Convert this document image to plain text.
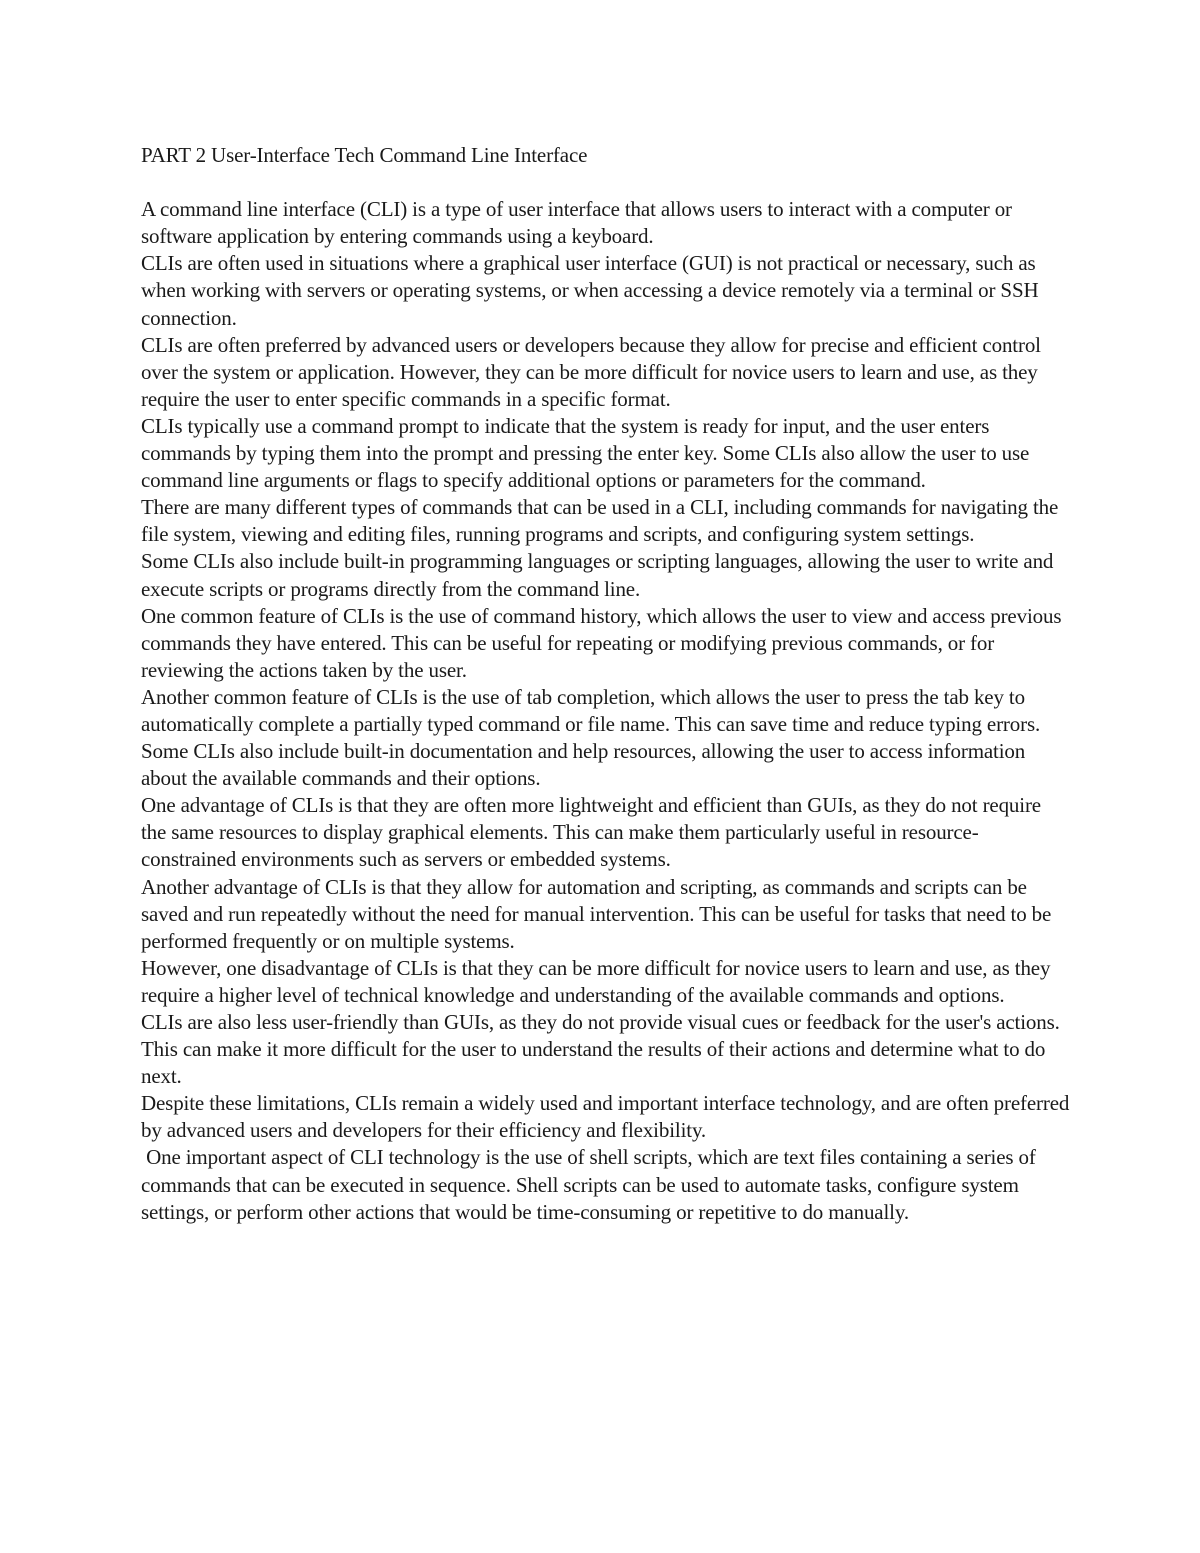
PART 2 User-Interface Tech Command Line Interface

A command line interface (CLI) is a type of user interface that allows users to interact with a computer or software application by entering commands using a keyboard.

CLIs are often used in situations where a graphical user interface (GUI) is not practical or necessary, such as when working with servers or operating systems, or when accessing a device remotely via a terminal or SSH connection.

CLIs are often preferred by advanced users or developers because they allow for precise and efficient control over the system or application. However, they can be more difficult for novice users to learn and use, as they require the user to enter specific commands in a specific format.

CLIs typically use a command prompt to indicate that the system is ready for input, and the user enters commands by typing them into the prompt and pressing the enter key. Some CLIs also allow the user to use command line arguments or flags to specify additional options or parameters for the command.

There are many different types of commands that can be used in a CLI, including commands for navigating the file system, viewing and editing files, running programs and scripts, and configuring system settings.

Some CLIs also include built-in programming languages or scripting languages, allowing the user to write and execute scripts or programs directly from the command line.

One common feature of CLIs is the use of command history, which allows the user to view and access previous commands they have entered. This can be useful for repeating or modifying previous commands, or for reviewing the actions taken by the user.

Another common feature of CLIs is the use of tab completion, which allows the user to press the tab key to automatically complete a partially typed command or file name. This can save time and reduce typing errors.

Some CLIs also include built-in documentation and help resources, allowing the user to access information about the available commands and their options.

One advantage of CLIs is that they are often more lightweight and efficient than GUIs, as they do not require the same resources to display graphical elements. This can make them particularly useful in resource-constrained environments such as servers or embedded systems.

Another advantage of CLIs is that they allow for automation and scripting, as commands and scripts can be saved and run repeatedly without the need for manual intervention. This can be useful for tasks that need to be performed frequently or on multiple systems.

However, one disadvantage of CLIs is that they can be more difficult for novice users to learn and use, as they require a higher level of technical knowledge and understanding of the available commands and options.

CLIs are also less user-friendly than GUIs, as they do not provide visual cues or feedback for the user's actions. This can make it more difficult for the user to understand the results of their actions and determine what to do next.

Despite these limitations, CLIs remain a widely used and important interface technology, and are often preferred by advanced users and developers for their efficiency and flexibility.

One important aspect of CLI technology is the use of shell scripts, which are text files containing a series of commands that can be executed in sequence. Shell scripts can be used to automate tasks, configure system settings, or perform other actions that would be time-consuming or repetitive to do manually.
